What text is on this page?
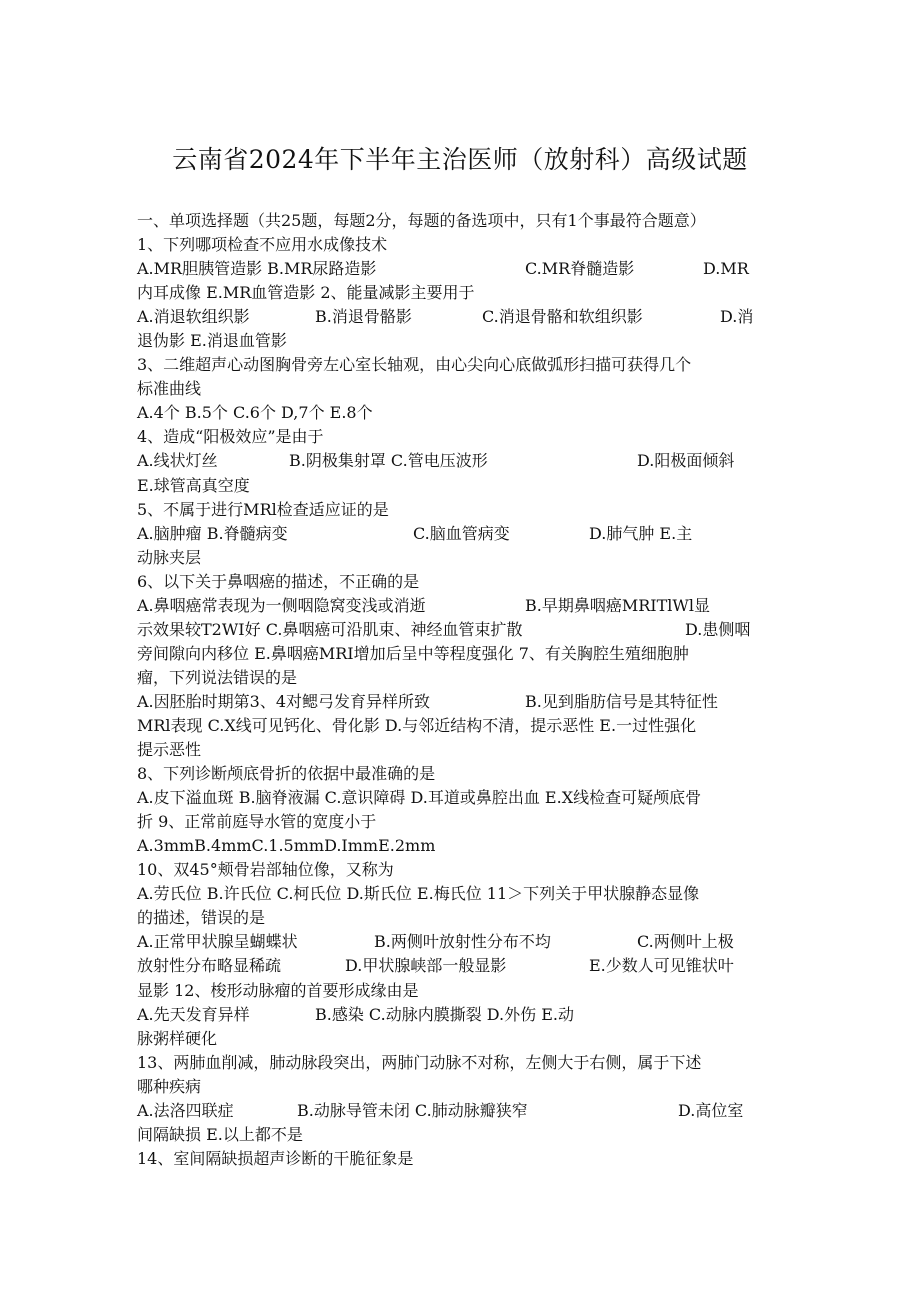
云南省2024年下半年主治医师（放射科）高级试题
一、单项选择题（共25题，每题2分，每题的备选项中，只有1个事最符合题意）
1、下列哪项检查不应用水成像技术
A.MR胆胰管造影 B.MR尿路造影	C.MR脊髓造影	D.MR
内耳成像 E.MR血管造影 2、能量减影主要用于
A.消退软组织影	B.消退骨骼影	C.消退骨骼和软组织影	D.消
退伪影 E.消退血管影
3、二维超声心动图胸骨旁左心室长轴观，由心尖向心底做弧形扫描可获得几个
标准曲线
A.4个 B.5个 C.6个 D,7个 E.8个
4、造成“阳极效应”是由于
A.线状灯丝	B.阴极集射罩 C.管电压波形	D.阳极面倾斜
E.球管高真空度
5、不属于进行MRl检查适应证的是
A.脑肿瘤 B.脊髓病变	C.脑血管病变	D.肺气肿 E.主
动脉夹层
6、以下关于鼻咽癌的描述，不正确的是
A.鼻咽癌常表现为一侧咽隐窝变浅或消逝	B.早期鼻咽癌MRITlWl显
示效果较T2WI好 C.鼻咽癌可沿肌束、神经血管束扩散	D.患侧咽
旁间隙向内移位 E.鼻咽癌MRI增加后呈中等程度强化 7、有关胸腔生殖细胞肿
瘤，下列说法错误的是
A.因胚胎时期第3、4对鳃弓发育异样所致	B.见到脂肪信号是其特征性
MRl表现 C.X线可见钙化、骨化影 D.与邻近结构不清，提示恶性 E.一过性强化
提示恶性
8、下列诊断颅底骨折的依据中最准确的是
A.皮下溢血斑 B.脑脊液漏 C.意识障碍 D.耳道或鼻腔出血 E.X线检查可疑颅底骨
折 9、正常前庭导水管的宽度小于
A.3mmB.4mmC.1.5mmD.ImmE.2mm
10、双45°颊骨岩部轴位像，又称为
A.劳氏位 B.许氏位 C.柯氏位 D.斯氏位 E.梅氏位 11＞下列关于甲状腺静态显像
的描述，错误的是
A.正常甲状腺呈蝴蝶状	B.两侧叶放射性分布不均	C.两侧叶上极
放射性分布略显稀疏	D.甲状腺峡部一般显影	E.少数人可见锥状叶
显影 12、梭形动脉瘤的首要形成缘由是
A.先天发育异样	B.感染 C.动脉内膜撕裂 D.外伤 E.动
脉粥样硬化
13、两肺血削减，肺动脉段突出，两肺门动脉不对称，左侧大于右侧，属于下述
哪种疾病
A.法洛四联症	B.动脉导管未闭 C.肺动脉瓣狭窄	D.高位室
间隔缺损 E.以上都不是
14、室间隔缺损超声诊断的干脆征象是
